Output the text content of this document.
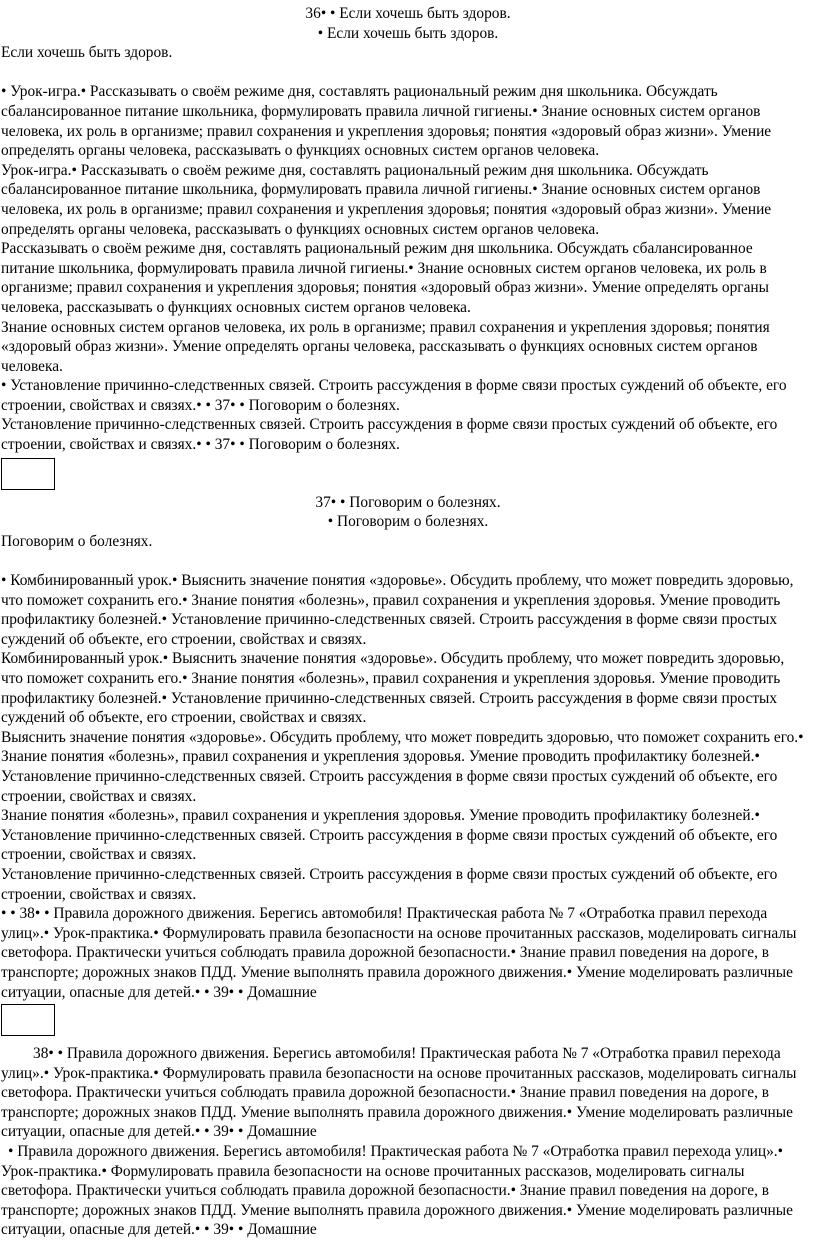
36• • Если хочешь быть здоров.
• Если хочешь быть здоров.
Если хочешь быть здоров.
• Урок-игра.• Рассказывать о своём режиме дня, составлять рациональный режим дня школьника. Обсуждать сбалансированное питание школьника, формулировать правила личной гигиены.• Знание основных систем органов человека, их роль в организме; правил сохранения и укрепления здоровья; понятия «здоровый образ жизни». Умение определять органы человека, рассказывать о функциях основных систем органов человека.
Урок-игра.• Рассказывать о своём режиме дня, составлять рациональный режим дня школьника. Обсуждать сбалансированное питание школьника, формулировать правила личной гигиены.• Знание основных систем органов человека, их роль в организме; правил сохранения и укрепления здоровья; понятия «здоровый образ жизни». Умение определять органы человека, рассказывать о функциях основных систем органов человека.
Рассказывать о своём режиме дня, составлять рациональный режим дня школьника. Обсуждать сбалансированное питание школьника, формулировать правила личной гигиены.• Знание основных систем органов человека, их роль в организме; правил сохранения и укрепления здоровья; понятия «здоровый образ жизни». Умение определять органы человека, рассказывать о функциях основных систем органов человека.
Знание основных систем органов человека, их роль в организме; правил сохранения и укрепления здоровья; понятия «здоровый образ жизни». Умение определять органы человека, рассказывать о функциях основных систем органов человека.
• Установление причинно-следственных связей. Строить рассуждения в форме связи простых суждений об объекте, его строении, свойствах и связях.• • 37• • Поговорим о болезнях.
Установление причинно-следственных связей. Строить рассуждения в форме связи простых суждений об объекте, его строении, свойствах и связях.• • 37• • Поговорим о болезнях.
37• • Поговорим о болезнях.
• Поговорим о болезнях.
Поговорим о болезнях.
• Комбинированный урок.• Выяснить значение понятия «здоровье». Обсудить проблему, что может повредить здоровью, что поможет сохранить его.• Знание понятия «болезнь», правил сохранения и укрепления здоровья. Умение проводить профилактику болезней.• Установление причинно-следственных связей. Строить рассуждения в форме связи простых суждений об объекте, его строении, свойствах и связях.
Комбинированный урок.• Выяснить значение понятия «здоровье». Обсудить проблему, что может повредить здоровью, что поможет сохранить его.• Знание понятия «болезнь», правил сохранения и укрепления здоровья. Умение проводить профилактику болезней.• Установление причинно-следственных связей. Строить рассуждения в форме связи простых суждений об объекте, его строении, свойствах и связях.
Выяснить значение понятия «здоровье». Обсудить проблему, что может повредить здоровью, что поможет сохранить его.• Знание понятия «болезнь», правил сохранения и укрепления здоровья. Умение проводить профилактику болезней.• Установление причинно-следственных связей. Строить рассуждения в форме связи простых суждений об объекте, его строении, свойствах и связях.
Знание понятия «болезнь», правил сохранения и укрепления здоровья. Умение проводить профилактику болезней.• Установление причинно-следственных связей. Строить рассуждения в форме связи простых суждений об объекте, его строении, свойствах и связях.
Установление причинно-следственных связей. Строить рассуждения в форме связи простых суждений об объекте, его строении, свойствах и связях.
• • 38• • Правила дорожного движения. Берегись автомобиля! Практическая работа № 7 «Отработка правил перехода улиц».• Урок-практика.• Формулировать правила безопасности на основе прочитанных рассказов, моделировать сигналы светофора. Практически учиться соблюдать правила дорожной безопасности.• Знание правил поведения на дороге, в транспорте; дорожных знаков ПДД. Умение выполнять правила дорожного движения.• Умение моделировать различные ситуации, опасные для детей.• • 39• • Домашние
38• • Правила дорожного движения. Берегись автомобиля! Практическая работа № 7 «Отработка правил перехода улиц».• Урок-практика.• Формулировать правила безопасности на основе прочитанных рассказов, моделировать сигналы светофора. Практически учиться соблюдать правила дорожной безопасности.• Знание правил поведения на дороге, в транспорте; дорожных знаков ПДД. Умение выполнять правила дорожного движения.• Умение моделировать различные ситуации, опасные для детей.• • 39• • Домашние
• Правила дорожного движения. Берегись автомобиля! Практическая работа № 7 «Отработка правил перехода улиц».• Урок-практика.• Формулировать правила безопасности на основе прочитанных рассказов, моделировать сигналы светофора. Практически учиться соблюдать правила дорожной безопасности.• Знание правил поведения на дороге, в транспорте; дорожных знаков ПДД. Умение выполнять правила дорожного движения.• Умение моделировать различные ситуации, опасные для детей.• • 39• • Домашние
